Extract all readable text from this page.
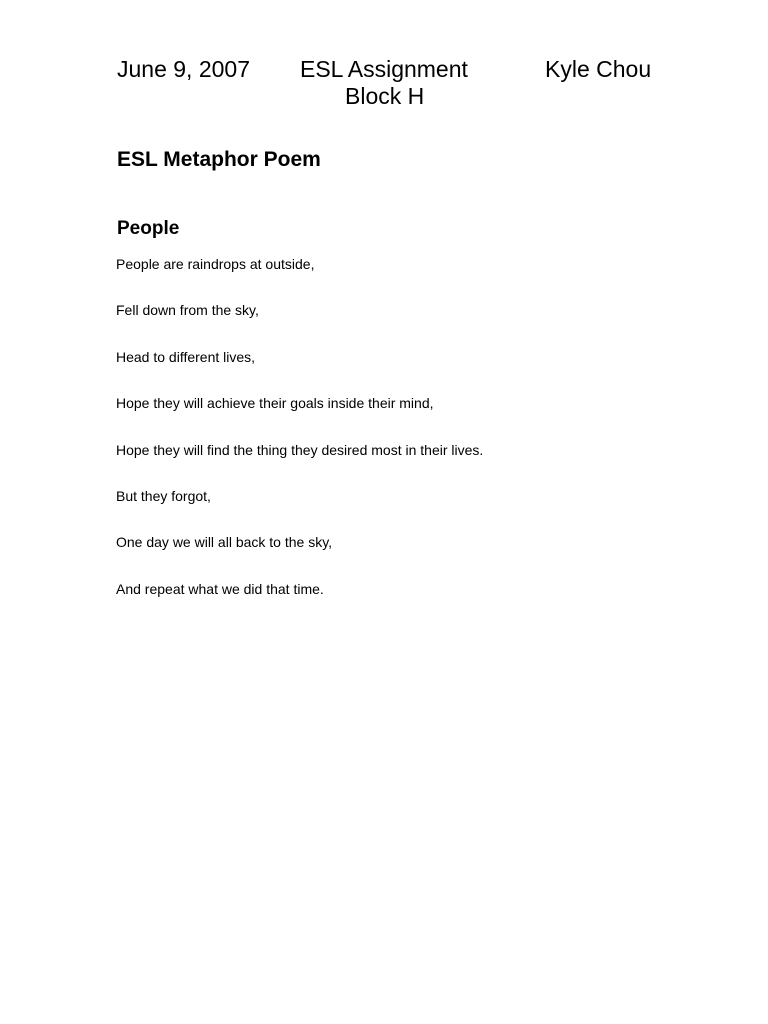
June 9, 2007 ESL Assignment	Kyle Chou
Block H
ESL Metaphor Poem
People
People are raindrops at outside,
Fell down from the sky,
Head to different lives,
Hope they will achieve their goals inside their mind,
Hope they will find the thing they desired most in their lives.
But they forgot,
One day we will all back to the sky,
And repeat what we did that time.
